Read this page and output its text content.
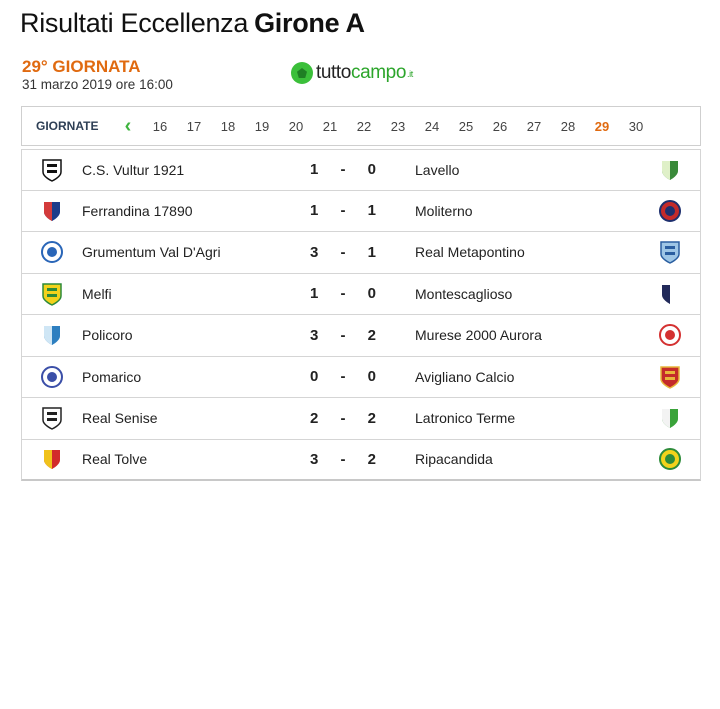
Risultati Eccellenza Girone A
29° GIORNATA
31 marzo 2019 ore 16:00
tuttocampo.it
GIORNATE	‹	16	17	18	19	20	21	22	23	24	25	26	27	28	29	30
C.S. Vultur 1921	1 - 0	Lavello
Ferrandina 17890	1 - 1	Moliterno
Grumentum Val D'Agri	3 - 1	Real Metapontino
Melfi	1 - 0	Montescaglioso
Policoro	3 - 2	Murese 2000 Aurora
Pomarico	0 - 0	Avigliano Calcio
Real Senise	2 - 2	Latronico Terme
Real Tolve	3 - 2	Ripacandida
